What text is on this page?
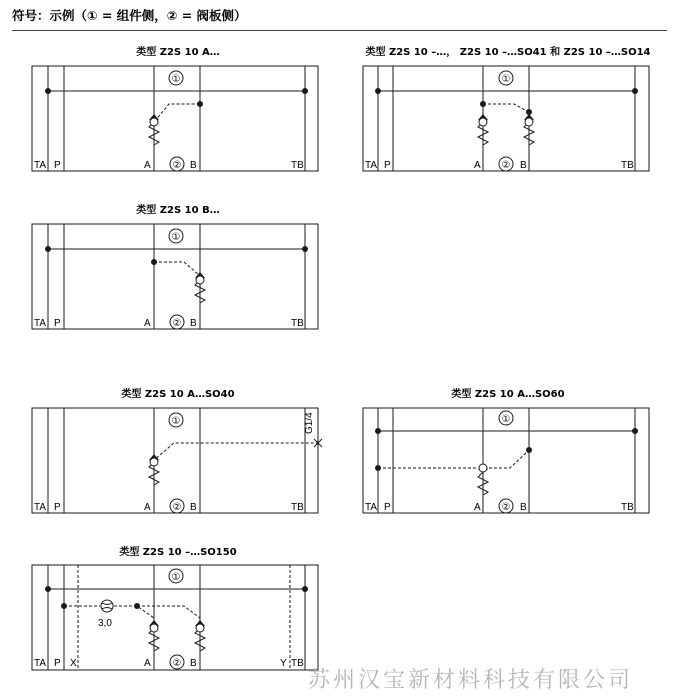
符号：示例（① = 组件侧，② = 阀板侧）
类型 Z2S 10 A…
①
②
TA P	A	B	TB
类型 Z2S 10 –…， Z2S 10 –…SO41 和 Z2S 10 –…SO14
①
②
TA P	A	B	TB
类型 Z2S 10 B…
①
②
TA P	A	B	TB
类型 Z2S 10 A…SO40
G1/4
①
②
TA P	A	B	TB
类型 Z2S 10 A…SO60
①
②
TA P	A	B	TB
类型 Z2S 10 –…SO150
3,0
①
②
TA P X	A	B	Y TB
苏州汉宝新材料科技有限公司
